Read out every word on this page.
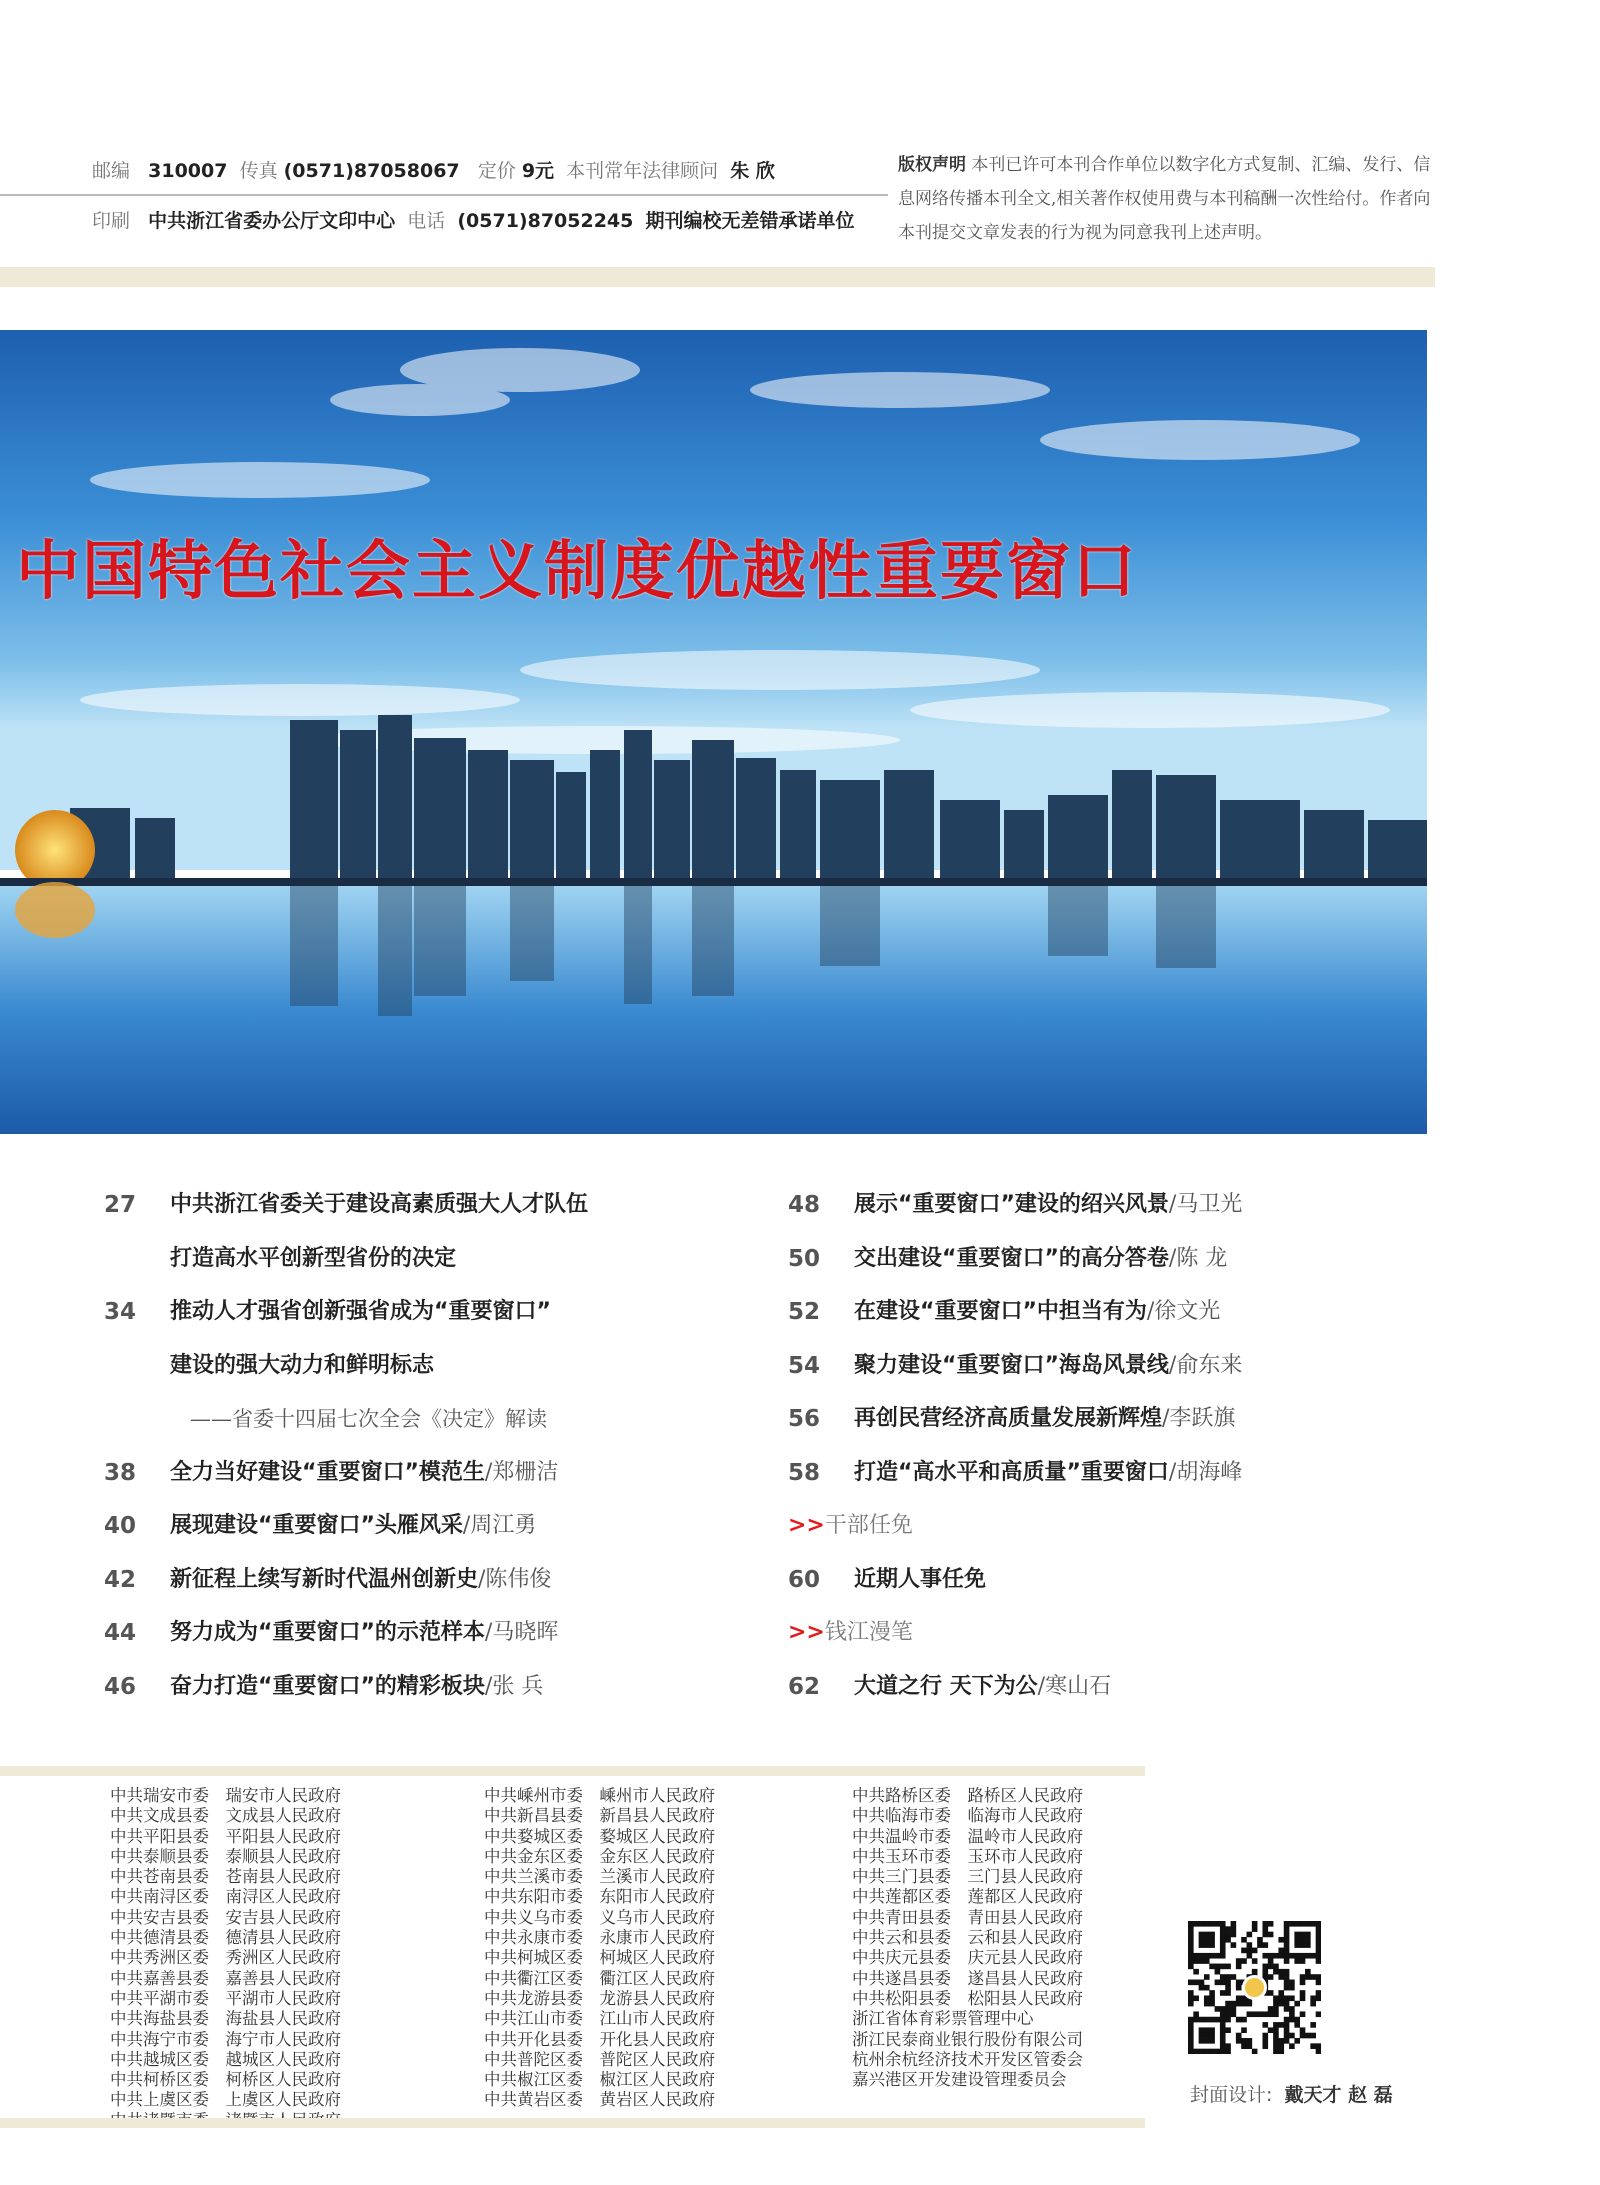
邮编 310007 传真 (0571)87058067 定价 9元 本刊常年法律顾问 朱 欣
印刷 中共浙江省委办公厅文印中心 电话 (0571)87052245 期刊编校无差错承诺单位
版权声明 本刊已许可本刊合作单位以数字化方式复制、汇编、发行、信息网络传播本刊全文,相关著作权使用费与本刊稿酬一次性给付。作者向本刊提交文章发表的行为视为同意我刊上述声明。
中国特色社会主义制度优越性重要窗口
27	中共浙江省委关于建设高素质强大人才队伍
打造高水平创新型省份的决定
34	推动人才强省创新强省成为“重要窗口”
建设的强大动力和鲜明标志
——省委十四届七次全会《决定》解读
38	全力当好建设“重要窗口”模范生/郑栅洁
40	展现建设“重要窗口”头雁风采/周江勇
42	新征程上续写新时代温州创新史/陈伟俊
44	努力成为“重要窗口”的示范样本/马晓晖
46	奋力打造“重要窗口”的精彩板块/张 兵
48	展示“重要窗口”建设的绍兴风景/马卫光
50	交出建设“重要窗口”的高分答卷/陈 龙
52	在建设“重要窗口”中担当有为/徐文光
54	聚力建设“重要窗口”海岛风景线/俞东来
56	再创民营经济高质量发展新辉煌/李跃旗
58	打造“高水平和高质量”重要窗口/胡海峰
>>干部任免
60	近期人事任免
>>钱江漫笔
62	大道之行 天下为公/寒山石
中共瑞安市委　瑞安市人民政府
中共文成县委　文成县人民政府
中共平阳县委　平阳县人民政府
中共泰顺县委　泰顺县人民政府
中共苍南县委　苍南县人民政府
中共南浔区委　南浔区人民政府
中共安吉县委　安吉县人民政府
中共德清县委　德清县人民政府
中共秀洲区委　秀洲区人民政府
中共嘉善县委　嘉善县人民政府
中共平湖市委　平湖市人民政府
中共海盐县委　海盐县人民政府
中共海宁市委　海宁市人民政府
中共越城区委　越城区人民政府
中共柯桥区委　柯桥区人民政府
中共上虞区委　上虞区人民政府
中共嵊州市委　嵊州市人民政府
中共新昌县委　新昌县人民政府
中共婺城区委　婺城区人民政府
中共金东区委　金东区人民政府
中共兰溪市委　兰溪市人民政府
中共东阳市委　东阳市人民政府
中共义乌市委　义乌市人民政府
中共永康市委　永康市人民政府
中共柯城区委　柯城区人民政府
中共衢江区委　衢江区人民政府
中共龙游县委　龙游县人民政府
中共江山市委　江山市人民政府
中共开化县委　开化县人民政府
中共普陀区委　普陀区人民政府
中共椒江区委　椒江区人民政府
中共黄岩区委　黄岩区人民政府
中共路桥区委　路桥区人民政府
中共临海市委　临海市人民政府
中共温岭市委　温岭市人民政府
中共玉环市委　玉环市人民政府
中共三门县委　三门县人民政府
中共莲都区委　莲都区人民政府
中共青田县委　青田县人民政府
中共云和县委　云和县人民政府
中共庆元县委　庆元县人民政府
中共遂昌县委　遂昌县人民政府
中共松阳县委　松阳县人民政府
浙江省体育彩票管理中心
浙江民泰商业银行股份有限公司
杭州余杭经济技术开发区管委会
嘉兴港区开发建设管理委员会
封面设计: 戴天才 赵 磊
